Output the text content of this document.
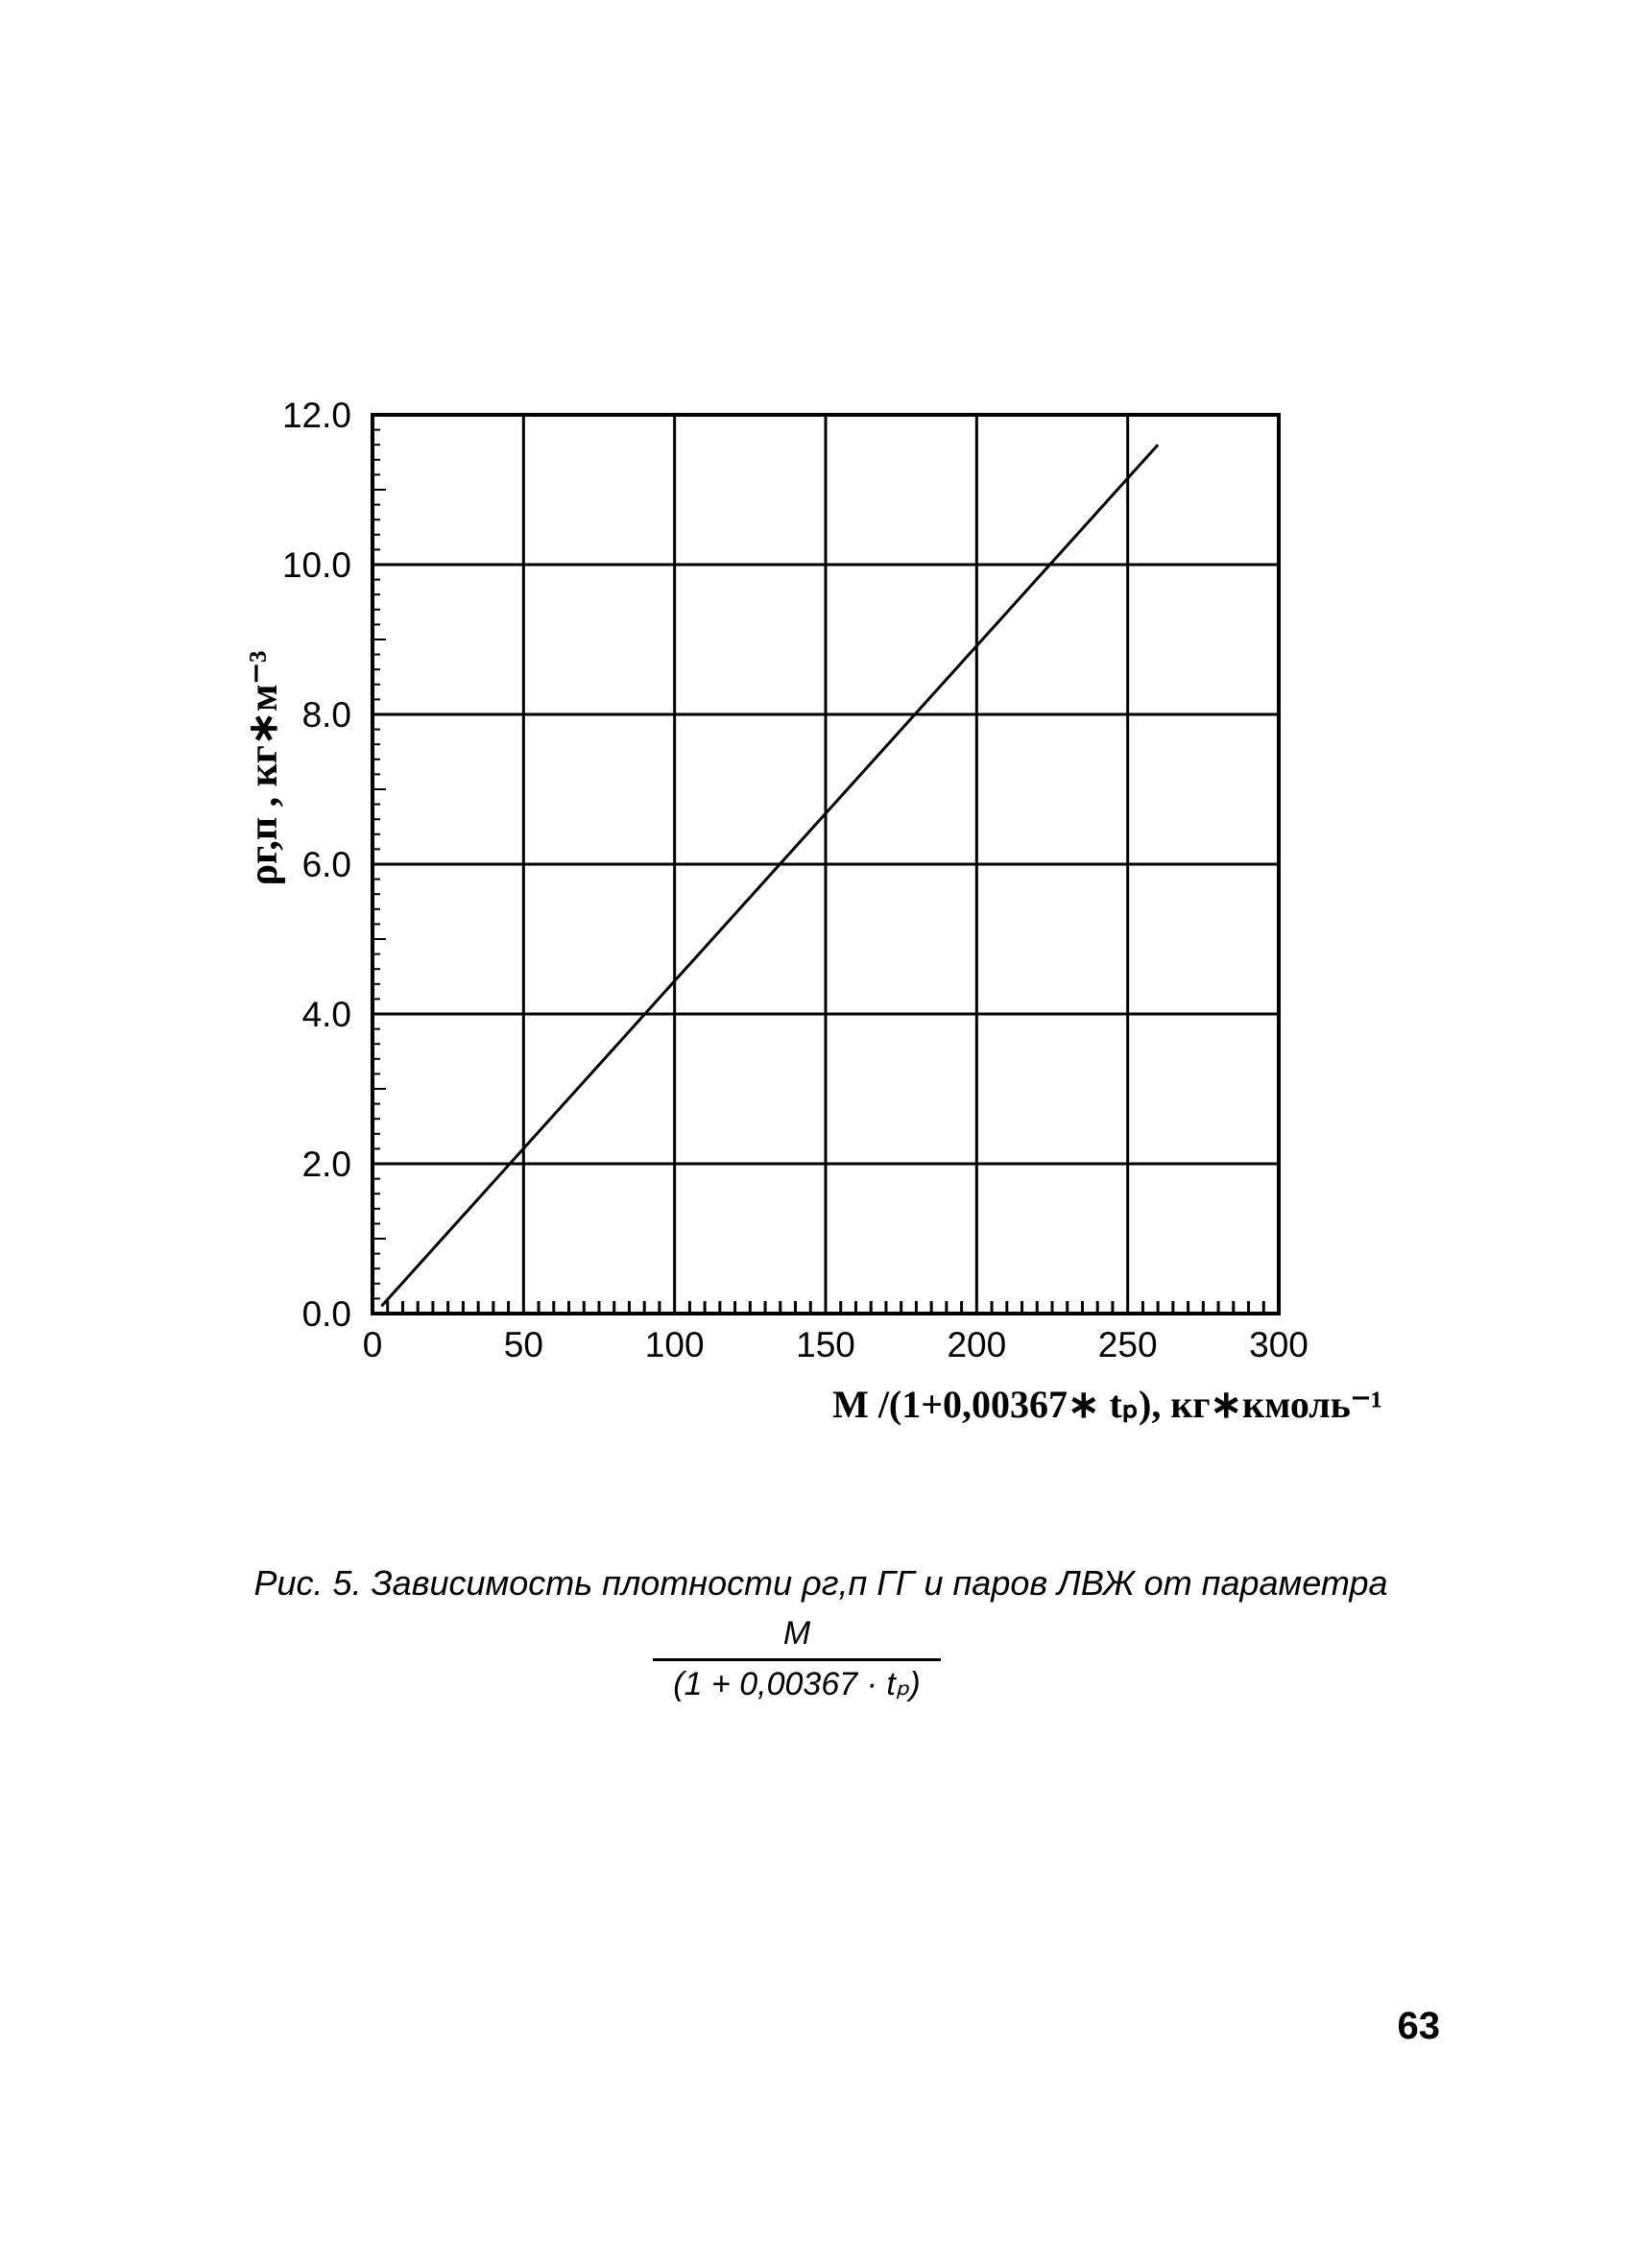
0	50	100	150	200	250	300
0.0
2.0
4.0
6.0
8.0
10.0
12.0
M /(1+0,00367∗ tₚ), кг∗кмоль⁻¹
ρг,п , кг∗м⁻³
Рис. 5. Зависимость плотности ρг,п ГГ и паров ЛВЖ от параметра
$\frac{M}{\text{(1 + 0,00367 · tₚ)}}$
63
